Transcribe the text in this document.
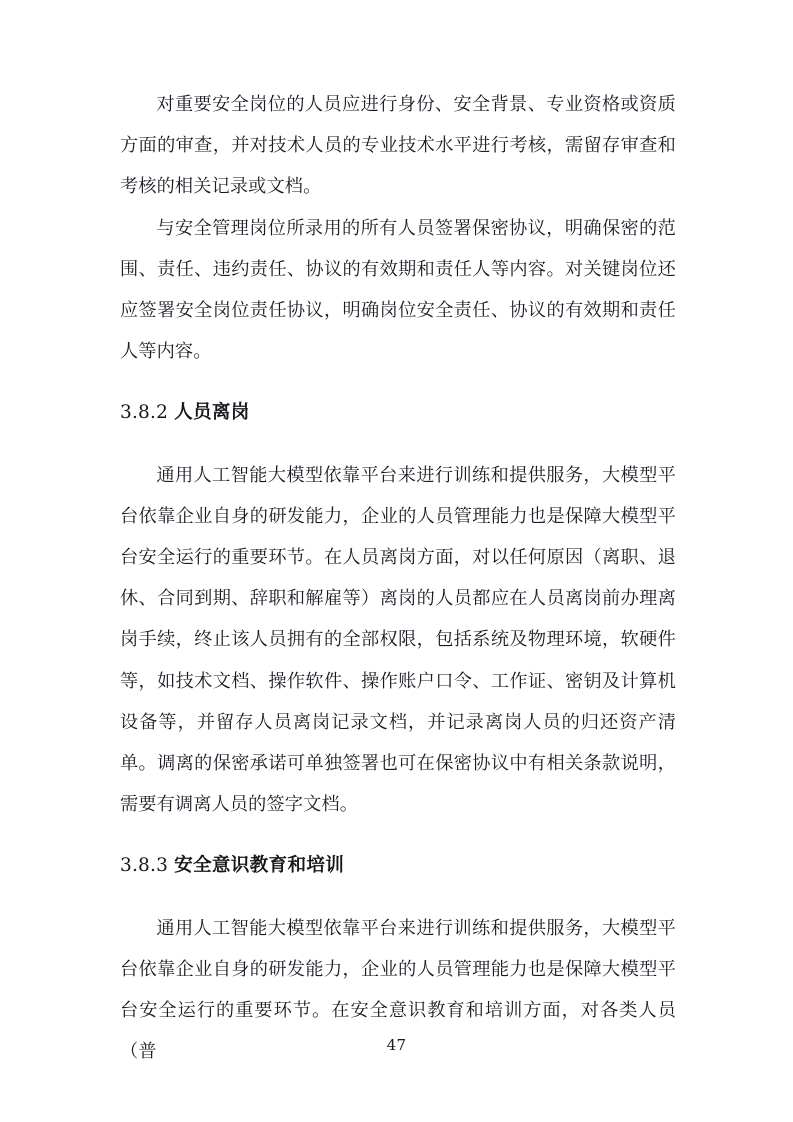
对重要安全岗位的人员应进行身份、安全背景、专业资格或资质方面的审查，并对技术人员的专业技术水平进行考核，需留存审查和考核的相关记录或文档。

与安全管理岗位所录用的所有人员签署保密协议，明确保密的范围、责任、违约责任、协议的有效期和责任人等内容。对关键岗位还应签署安全岗位责任协议，明确岗位安全责任、协议的有效期和责任人等内容。

3.8.2 人员离岗

通用人工智能大模型依靠平台来进行训练和提供服务，大模型平台依靠企业自身的研发能力，企业的人员管理能力也是保障大模型平台安全运行的重要环节。在人员离岗方面，对以任何原因（离职、退休、合同到期、辞职和解雇等）离岗的人员都应在人员离岗前办理离岗手续，终止该人员拥有的全部权限，包括系统及物理环境，软硬件等，如技术文档、操作软件、操作账户口令、工作证、密钥及计算机设备等，并留存人员离岗记录文档，并记录离岗人员的归还资产清单。调离的保密承诺可单独签署也可在保密协议中有相关条款说明，需要有调离人员的签字文档。

3.8.3 安全意识教育和培训

通用人工智能大模型依靠平台来进行训练和提供服务，大模型平台依靠企业自身的研发能力，企业的人员管理能力也是保障大模型平台安全运行的重要环节。在安全意识教育和培训方面，对各类人员（普	47
